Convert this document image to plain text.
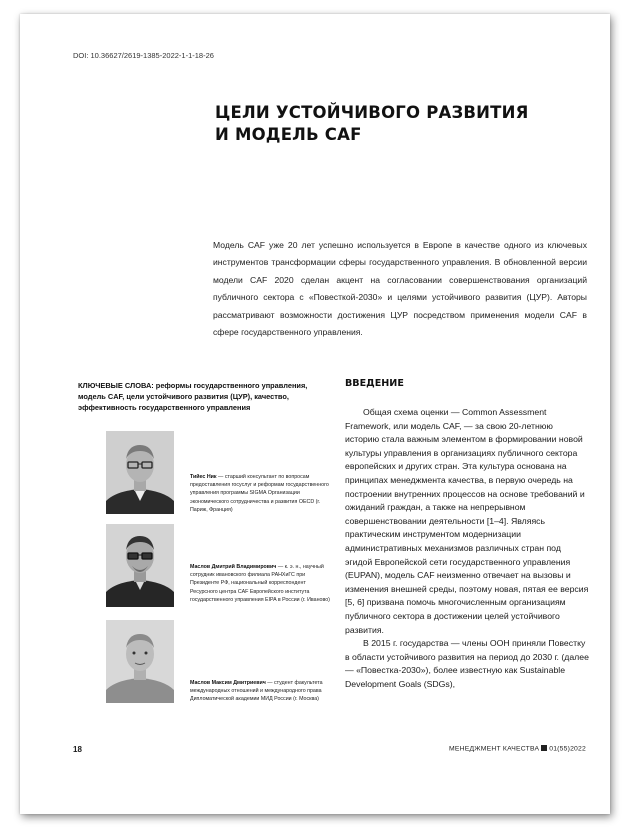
DOI: 10.36627/2619-1385-2022-1-1-18-26
ЦЕЛИ УСТОЙЧИВОГО РАЗВИТИЯ
И МОДЕЛЬ CAF
Модель CAF уже 20 лет успешно используется в Европе в качестве одного из ключевых инструментов трансформации сферы государственного управления. В обновленной версии модели CAF 2020 сделан акцент на согласовании совершенствования организаций публичного сектора с «Повесткой-2030» и целями устойчивого развития (ЦУР). Авторы рассматривают возможности достижения ЦУР посредством применения модели CAF в сфере государственного управления.
КЛЮЧЕВЫЕ СЛОВА: реформы государственного управления, модель CAF, цели устойчивого развития (ЦУР), качество, эффективность государственного управления
Тийес Ник — старший консультант по вопросам предоставления госуслуг и реформам государственного управления программы SIGMA Организации экономического сотрудничества и развития OECD (г. Париж, Франция)
Маслов Дмитрий Владимирович — к. э. н., научный сотрудник ивановского филиала РАНХиГС при Президенте РФ, национальный корреспондент Ресурсного центра CAF Европейского института государственного управления EIPA в России (г. Иваново)
Маслов Максим Дмитриевич — студент факультета международных отношений и международного права Дипломатической академии МИД России (г. Москва)
ВВЕДЕНИЕ

Общая схема оценки — Common Assessment Framework, или модель CAF, — за свою 20-летнюю историю стала важным элементом в формировании новой культуры управления в организациях публичного сектора европейских и других стран. Эта культура основана на принципах менеджмента качества, в первую очередь на построении внутренних процессов на основе требований и ожиданий граждан, а также на непрерывном совершенствовании деятельности [1–4]. Являясь практическим инструментом модернизации административных механизмов различных стран под эгидой Европейской сети государственного управления (EUPAN), модель CAF неизменно отвечает на вызовы и изменения внешней среды, поэтому новая, пятая ее версия [5, 6] призвана помочь многочисленным организациям публичного сектора в достижении целей устойчивого развития.

В 2015 г. государства — члены ООН приняли Повестку в области устойчивого развития на период до 2030 г. (далее — «Повестка-2030»), более известную как Sustainable Development Goals (SDGs),

18	МЕНЕДЖМЕНТ КАЧЕСТВА 01(55)2022
